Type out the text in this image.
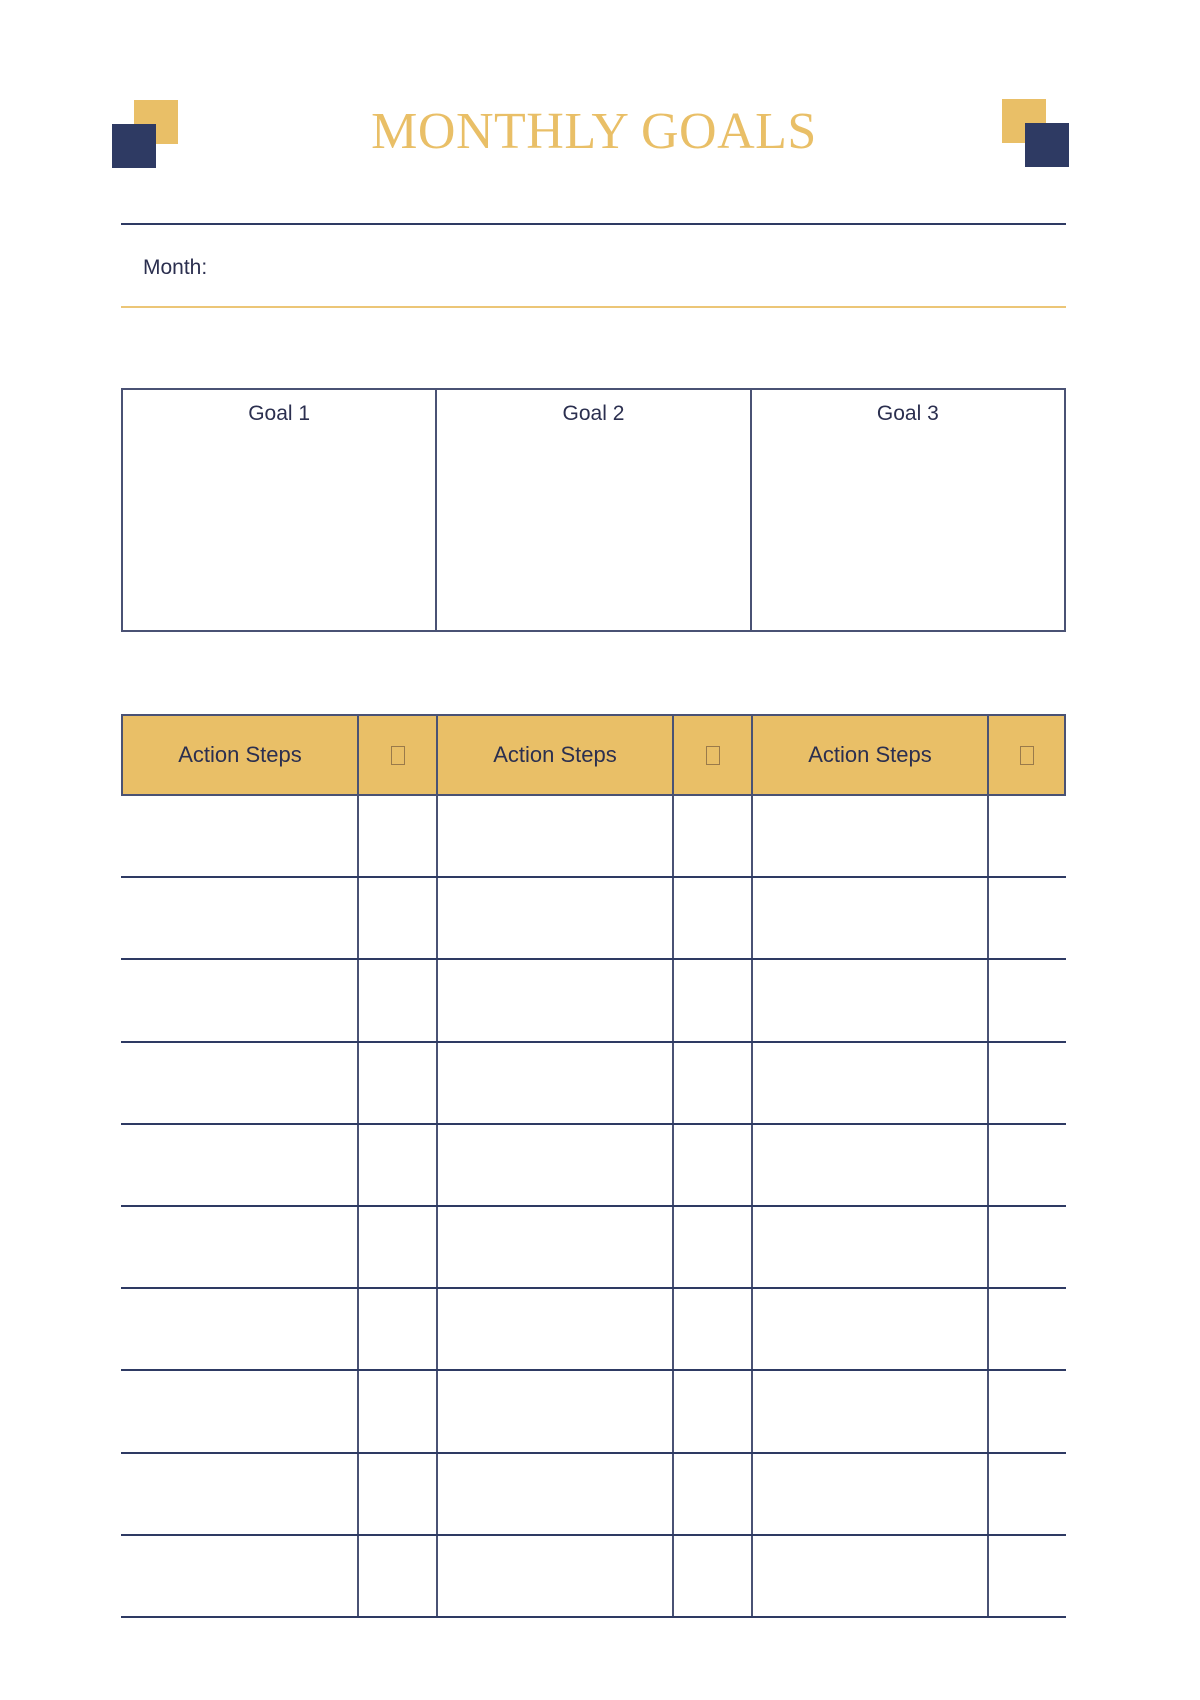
MONTHLY GOALS
Month:
Goal 1	Goal 2	Goal 3
Action Steps	Action Steps	Action Steps
